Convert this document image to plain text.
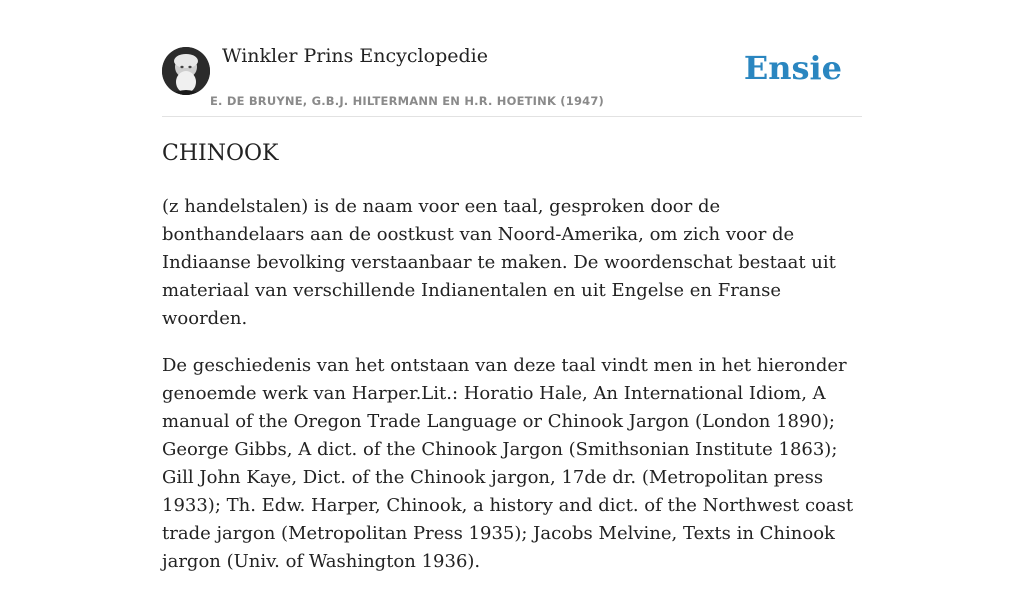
Winkler Prins Encyclopedie
E. DE BRUYNE, G.B.J. HILTERMANN EN H.R. HOETINK (1947)
Ensie
CHINOOK

(z handelstalen) is de naam voor een taal, gesproken door de bonthandelaars aan de oostkust van Noord-Amerika, om zich voor de Indiaanse bevolking verstaanbaar te maken. De woordenschat bestaat uit materiaal van verschillende Indianentalen en uit Engelse en Franse woorden.

De geschiedenis van het ontstaan van deze taal vindt men in het hieronder genoemde werk van Harper.Lit.: Horatio Hale, An International Idiom, A manual of the Oregon Trade Language or Chinook Jargon (London 1890); George Gibbs, A dict. of the Chinook Jargon (Smithsonian Institute 1863); Gill John Kaye, Dict. of the Chinook jargon, 17de dr. (Metropolitan press 1933); Th. Edw. Harper, Chinook, a history and dict. of the Northwest coast trade jargon (Metropolitan Press 1935); Jacobs Melvine, Texts in Chinook jargon (Univ. of Washington 1936).
